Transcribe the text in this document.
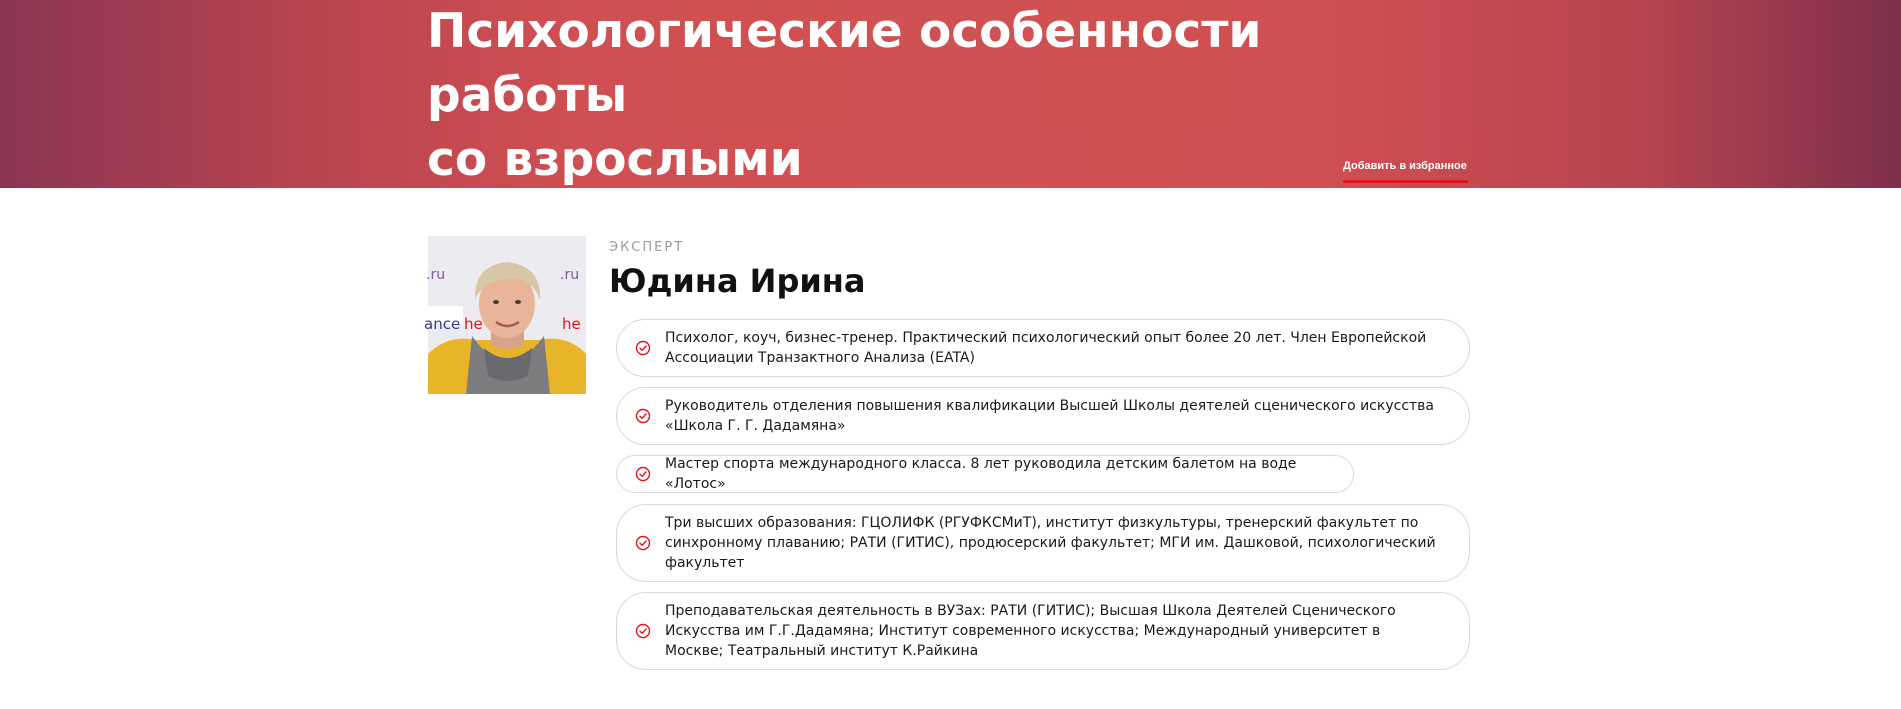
Психологические особенности работы
со взрослыми	Добавить в избранное
.ru
ance he
.ru
he
ЭКСПЕРТ
Юдина Ирина
Психолог, коуч, бизнес-тренер. Практический психологический опыт более 20 лет. Член Европейской Ассоциации Транзактного Анализа (EATA)
Руководитель отделения повышения квалификации Высшей Школы деятелей сценического искусства «Школа Г. Г. Дадамяна»
Мастер спорта международного класса. 8 лет руководила детским балетом на воде «Лотос»
Три высших образования: ГЦОЛИФК (РГУФКСМиТ), институт физкультуры, тренерский факультет по синхронному плаванию; РАТИ (ГИТИС), продюсерский факультет; МГИ им. Дашковой, психологический факультет
Преподавательская деятельность в ВУЗах: РАТИ (ГИТИС); Высшая Школа Деятелей Сценического Искусства им Г.Г.Дадамяна; Институт современного искусства; Международный университет в Москве; Театральный институт К.Райкина
